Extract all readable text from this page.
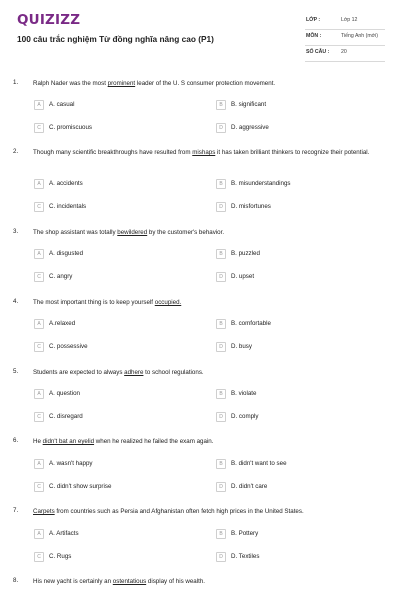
QUIZIZZ
100 câu trắc nghiệm Từ đồng nghĩa nâng cao (P1)
LỚP :	Lớp 12
MÔN :	Tiếng Anh (mới)
SỐ CÂU : 20
1. Ralph Nader was the most prominent leader of the U. S consumer protection movement.
A	A. casual	B	B. significant
C	C. promiscuous	D	D. aggressive
2. Though many scientific breakthroughs have resulted from mishaps it has taken brilliant thinkers to recognize their potential.
A	A. accidents	B	B. misunderstandings
C	C. incidentals	D	D. misfortunes
3. The shop assistant was totally bewildered by the customer's behavior.
A	A. disgusted	B	B. puzzled
C	C. angry	D	D. upset
4. The most important thing is to keep yourself occupied.
A	A.relaxed	B	B. comfortable
C	C. possessive	D	D. busy
5. Students are expected to always adhere to school regulations.
A	A. question	B	B. violate
C	C. disregard	D	D. comply
6. He didn't bat an eyelid when he realized he failed the exam again.
A	A. wasn't happy	B	B. didn't want to see
C	C. didn't show surprise	D	D. didn't care
7. Carpets from countries such as Persia and Afghanistan often fetch high prices in the United States.
A	A. Artifacts	B	B. Pottery
C	C. Rugs	D	D. Textiles
8. His new yacht is certainly an ostentatious display of his wealth.
